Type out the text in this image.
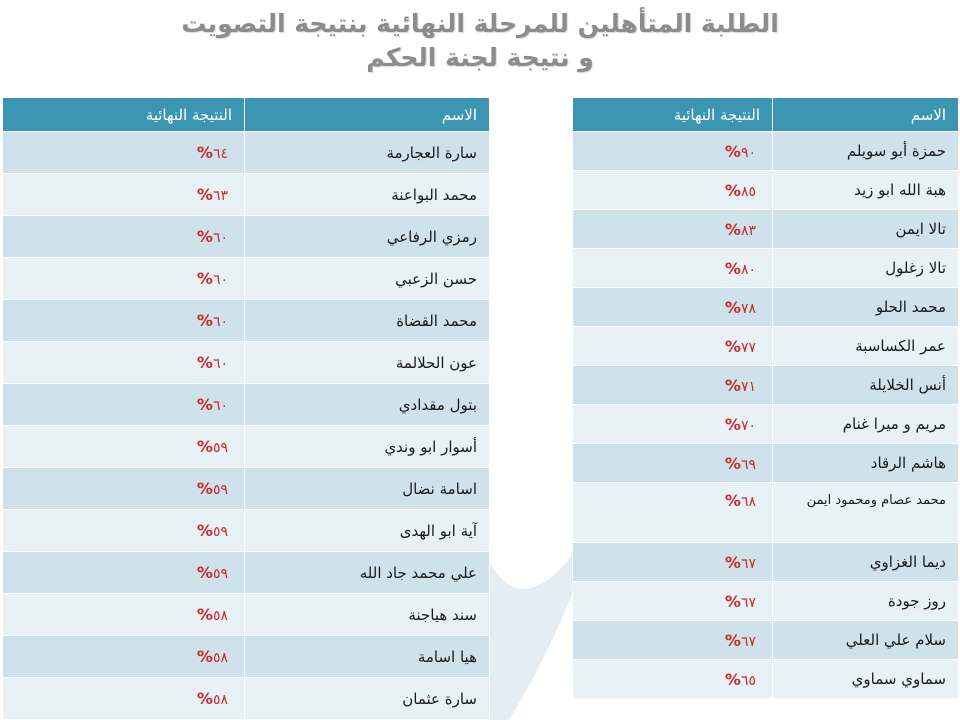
الطلبة المتأهلين للمرحلة النهائية بنتيجة التصويت
و نتيجة لجنة الحكم
الاسم	النتيجة النهائية
حمزة أبو سويلم	٩٠%
هبة الله ابو زيد	٨٥%
تالا ايمن	٨٣%
تالا زغلول	٨٠%
محمد الحلو	٧٨%
عمر الكساسبة	٧٧%
أنس الخلايلة	٧١%
مريم و ميرا غنام	٧٠%
هاشم الرقاد	٦٩%
محمد عصام ومحمود ايمن	٦٨%
ديما الغزاوي	٦٧%
روز جودة	٦٧%
سلام علي العلي	٦٧%
سماوي سماوي	٦٥%
الاسم	النتيجة النهائية
سارة العجارمة	٦٤%
محمد البواعنة	٦٣%
رمزي الرفاعي	٦٠%
حسن الزعبي	٦٠%
محمد القضاة	٦٠%
عون الحلالمة	٦٠%
بتول مقدادي	٦٠%
أسوار ابو وندي	٥٩%
اسامة نضال	٥٩%
آية ابو الهدى	٥٩%
علي محمد جاد الله	٥٩%
سند هياجنة	٥٨%
هيا اسامة	٥٨%
سارة عثمان	٥٨%
